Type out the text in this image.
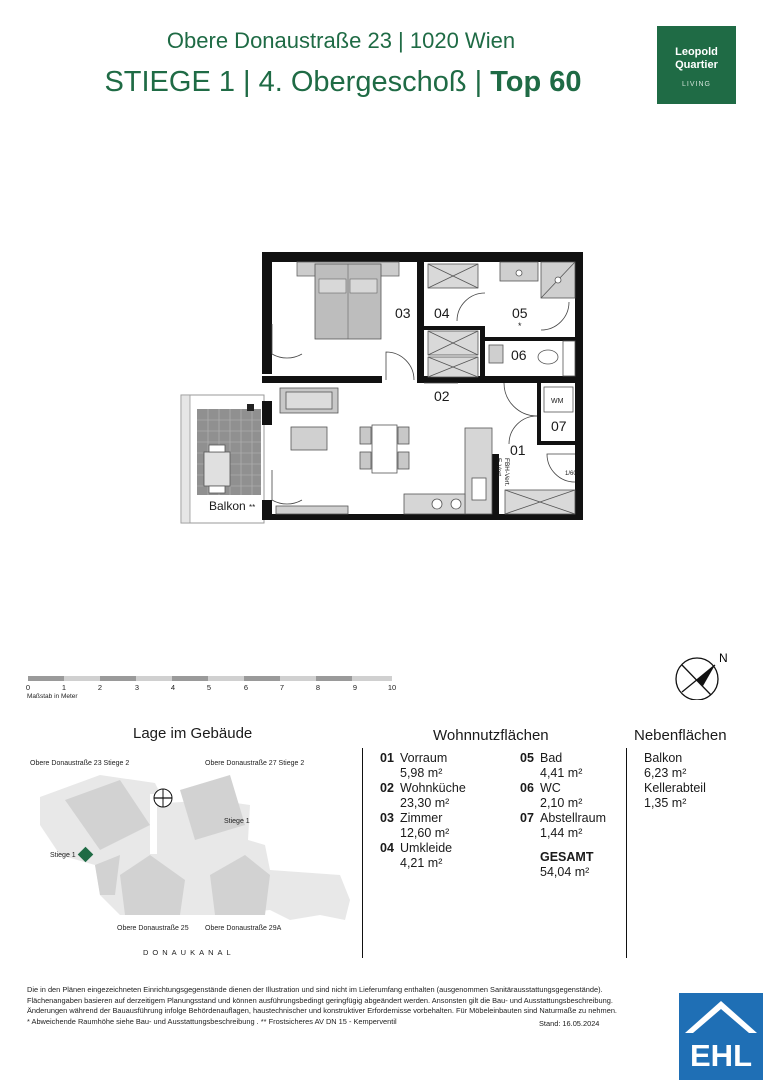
Obere Donaustraße 23 | 1020 Wien
STIEGE 1 | 4. Obergeschoß | Top 60
Leopold
Quartier
LIVING
03 04	05
06
02
07
01
*
Balkon **
WM
1/60
FBH-Vert.
E-Vert.
0	1	2	3	4	5	6	7	8	9	10
Maßstab in Meter
N
Lage im Gebäude	Wohnnutzflächen	Nebenflächen
Obere Donaustraße 23 Stiege 2	Obere Donaustraße 27 Stiege 2
Stiege 1
Stiege 1
Obere Donaustraße 25 Obere Donaustraße 29A
DONAUKANAL
01 Vorraum
5,98 m²
02 Wohnküche
23,30 m²
03 Zimmer
12,60 m²
04 Umkleide
4,21 m²
05 Bad
4,41 m²
06 WC
2,10 m²
07 Abstellraum
1,44 m²
GESAMT
54,04 m²
Balkon
6,23 m²
Kellerabteil
1,35 m²
Die in den Plänen eingezeichneten Einrichtungsgegenstände dienen der Illustration und sind nicht im Lieferumfang enthalten (ausgenommen Sanitärausstattungsgegenstände).
Flächenangaben basieren auf derzeitigem Planungsstand und können ausführungsbedingt geringfügig abgeändert werden. Ansonsten gilt die Bau- und Ausstattungsbeschreibung.
Änderungen während der Bauausführung infolge Behördenauflagen, haustechnischer und konstruktiver Erfordernisse vorbehalten. Für Möbeleinbauten sind Naturmaße zu nehmen.
* Abweichende Raumhöhe siehe Bau- und Ausstattungsbeschreibung . ** Frostsicheres AV DN 15 - Kemperventil	Stand: 16.05.2024
EHL
